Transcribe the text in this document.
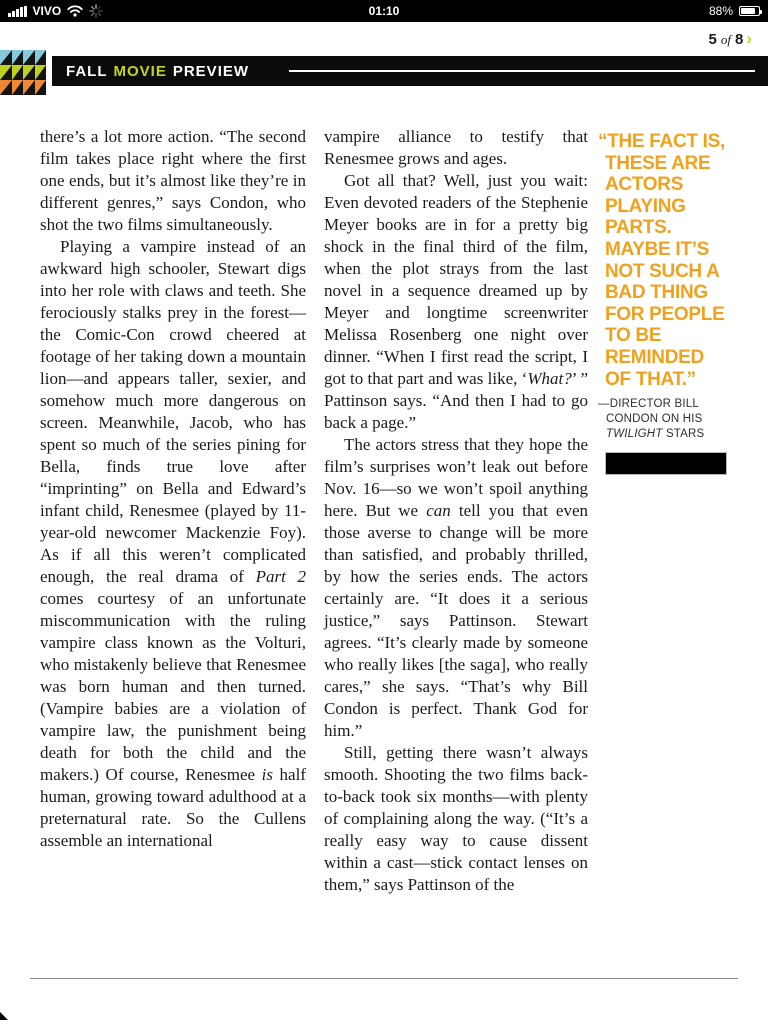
VIVO	01:10	88%
5 of 8 ›
FALL MOVIE PREVIEW

there’s a lot more action. “The second film takes place right where the first one ends, but it’s almost like they’re in different genres,” says Condon, who shot the two films simultaneously.

Playing a vampire instead of an awkward high schooler, Stewart digs into her role with claws and teeth. She ferociously stalks prey in the forest—the Comic-Con crowd cheered at footage of her taking down a mountain lion—and appears taller, sexier, and somehow much more dangerous on screen. Meanwhile, Jacob, who has spent so much of the series pining for Bella, finds true love after “imprinting” on Bella and Edward’s infant child, Renesmee (played by 11-year-old newcomer Mackenzie Foy). As if all this weren’t complicated enough, the real drama of Part 2 comes courtesy of an unfortunate miscommunication with the ruling vampire class known as the Volturi, who mistakenly believe that Renesmee was born human and then turned. (Vampire babies are a violation of vampire law, the punishment being death for both the child and the makers.) Of course, Renesmee is half human, growing toward adulthood at a preternatural rate. So the Cullens assemble an international

vampire alliance to testify that Renesmee grows and ages.

Got all that? Well, just you wait: Even devoted readers of the Stephenie Meyer books are in for a pretty big shock in the final third of the film, when the plot strays from the last novel in a sequence dreamed up by Meyer and longtime screenwriter Melissa Rosenberg one night over dinner. “When I first read the script, I got to that part and was like, ‘What?’ ” Pattinson says. “And then I had to go back a page.”

The actors stress that they hope the film’s surprises won’t leak out before Nov. 16—so we won’t spoil anything here. But we can tell you that even those averse to change will be more than satisfied, and probably thrilled, by how the series ends. The actors certainly are. “It does it a serious justice,” says Pattinson. Stewart agrees. “It’s clearly made by someone who really likes [the saga], who really cares,” she says. “That’s why Bill Condon is perfect. Thank God for him.”

Still, getting there wasn’t always smooth. Shooting the two films back-to-back took six months—with plenty of complaining along the way. (“It’s a really easy way to cause dissent within a cast—stick contact lenses on them,” says Pattinson of the

“THE FACT IS,
THESE ARE
ACTORS
PLAYING
PARTS.
MAYBE IT’S
NOT SUCH A
BAD THING
FOR PEOPLE
TO BE
REMINDED
OF THAT.”
—DIRECTOR BILL
CONDON ON HIS
TWILIGHT STARS
